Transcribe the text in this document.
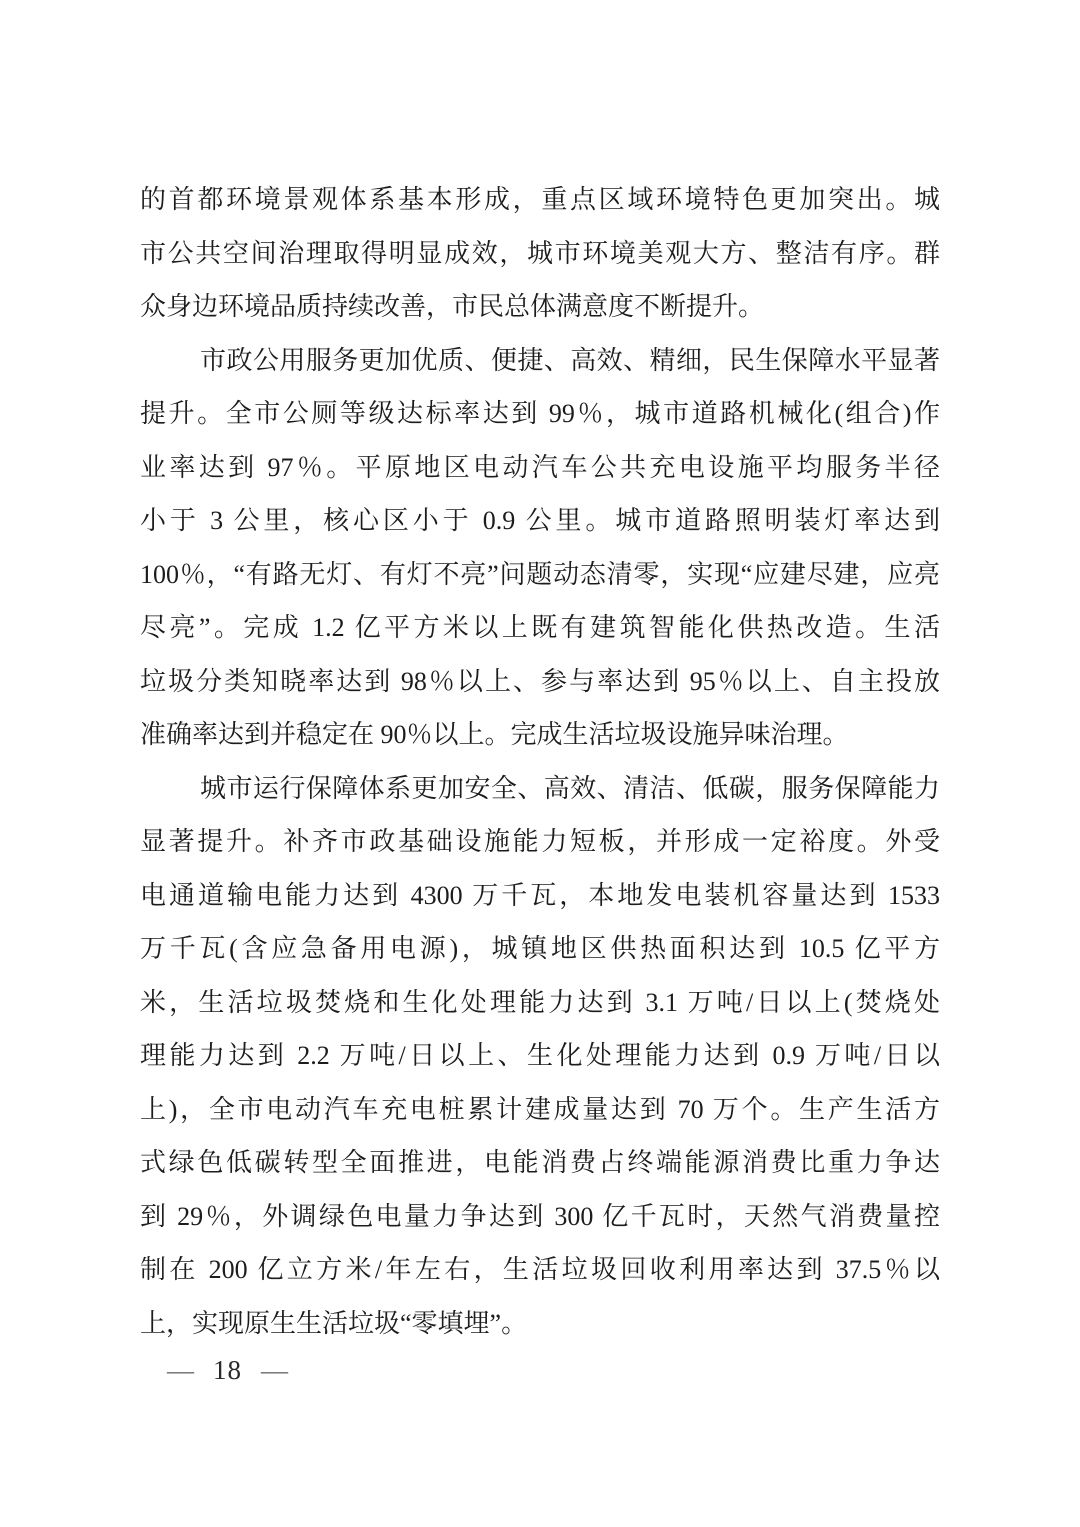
的首都环境景观体系基本形成，重点区域环境特色更加突出。城
市公共空间治理取得明显成效，城市环境美观大方、整洁有序。群
众身边环境品质持续改善，市民总体满意度不断提升。
市政公用服务更加优质、便捷、高效、精细，民生保障水平显著
提升。全市公厕等级达标率达到 99％，城市道路机械化(组合)作
业率达到 97％。平原地区电动汽车公共充电设施平均服务半径
小于 3 公里，核心区小于 0.9 公里。城市道路照明装灯率达到
100％，“有路无灯、有灯不亮”问题动态清零，实现“应建尽建，应亮
尽亮”。完成 1.2 亿平方米以上既有建筑智能化供热改造。生活
垃圾分类知晓率达到 98％以上、参与率达到 95％以上、自主投放
准确率达到并稳定在 90％以上。完成生活垃圾设施异味治理。
城市运行保障体系更加安全、高效、清洁、低碳，服务保障能力
显著提升。补齐市政基础设施能力短板，并形成一定裕度。外受
电通道输电能力达到 4300 万千瓦，本地发电装机容量达到 1533
万千瓦(含应急备用电源)，城镇地区供热面积达到 10.5 亿平方
米，生活垃圾焚烧和生化处理能力达到 3.1 万吨/日以上(焚烧处
理能力达到 2.2 万吨/日以上、生化处理能力达到 0.9 万吨/日以
上)，全市电动汽车充电桩累计建成量达到 70 万个。生产生活方
式绿色低碳转型全面推进，电能消费占终端能源消费比重力争达
到 29％，外调绿色电量力争达到 300 亿千瓦时，天然气消费量控
制在 200 亿立方米/年左右，生活垃圾回收利用率达到 37.5％以
上，实现原生生活垃圾“零填埋”。
— 18 —
